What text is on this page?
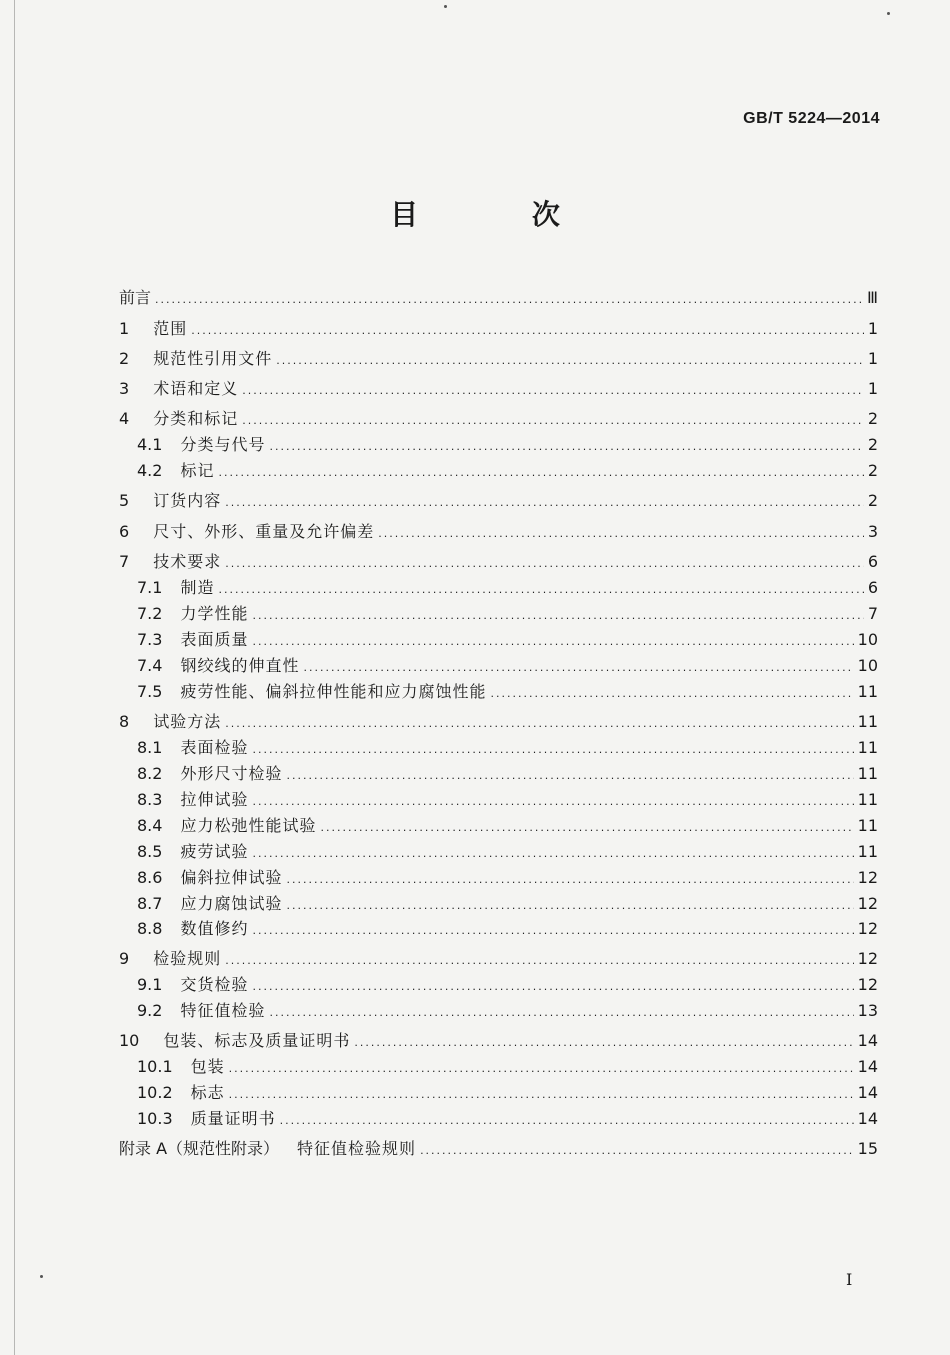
GB/T 5224—2014
目 次
前言 .....	Ⅲ
1 范围 .....	1
2 规范性引用文件 .....	1
3 术语和定义 .....	1
4 分类和标记 .....	2
4.1 分类与代号 .....	2
4.2 标记 .....	2
5 订货内容 .....	2
6 尺寸、外形、重量及允许偏差 .....	3
7 技术要求 .....	6
7.1 制造 .....	6
7.2 力学性能 .....	7
7.3 表面质量 .....	10
7.4 钢绞线的伸直性 .....	10
7.5 疲劳性能、偏斜拉伸性能和应力腐蚀性能 .....	11
8 试验方法 .....	11
8.1 表面检验 .....	11
8.2 外形尺寸检验 .....	11
8.3 拉伸试验 .....	11
8.4 应力松弛性能试验 .....	11
8.5 疲劳试验 .....	11
8.6 偏斜拉伸试验 .....	12
8.7 应力腐蚀试验 .....	12
8.8 数值修约 .....	12
9 检验规则 .....	12
9.1 交货检验 .....	12
9.2 特征值检验 .....	13
10 包装、标志及质量证明书 .....	14
10.1 包装 .....	14
10.2 标志 .....	14
10.3 质量证明书 .....	14
附录 A（规范性附录） 特征值检验规则 .....	15
I
